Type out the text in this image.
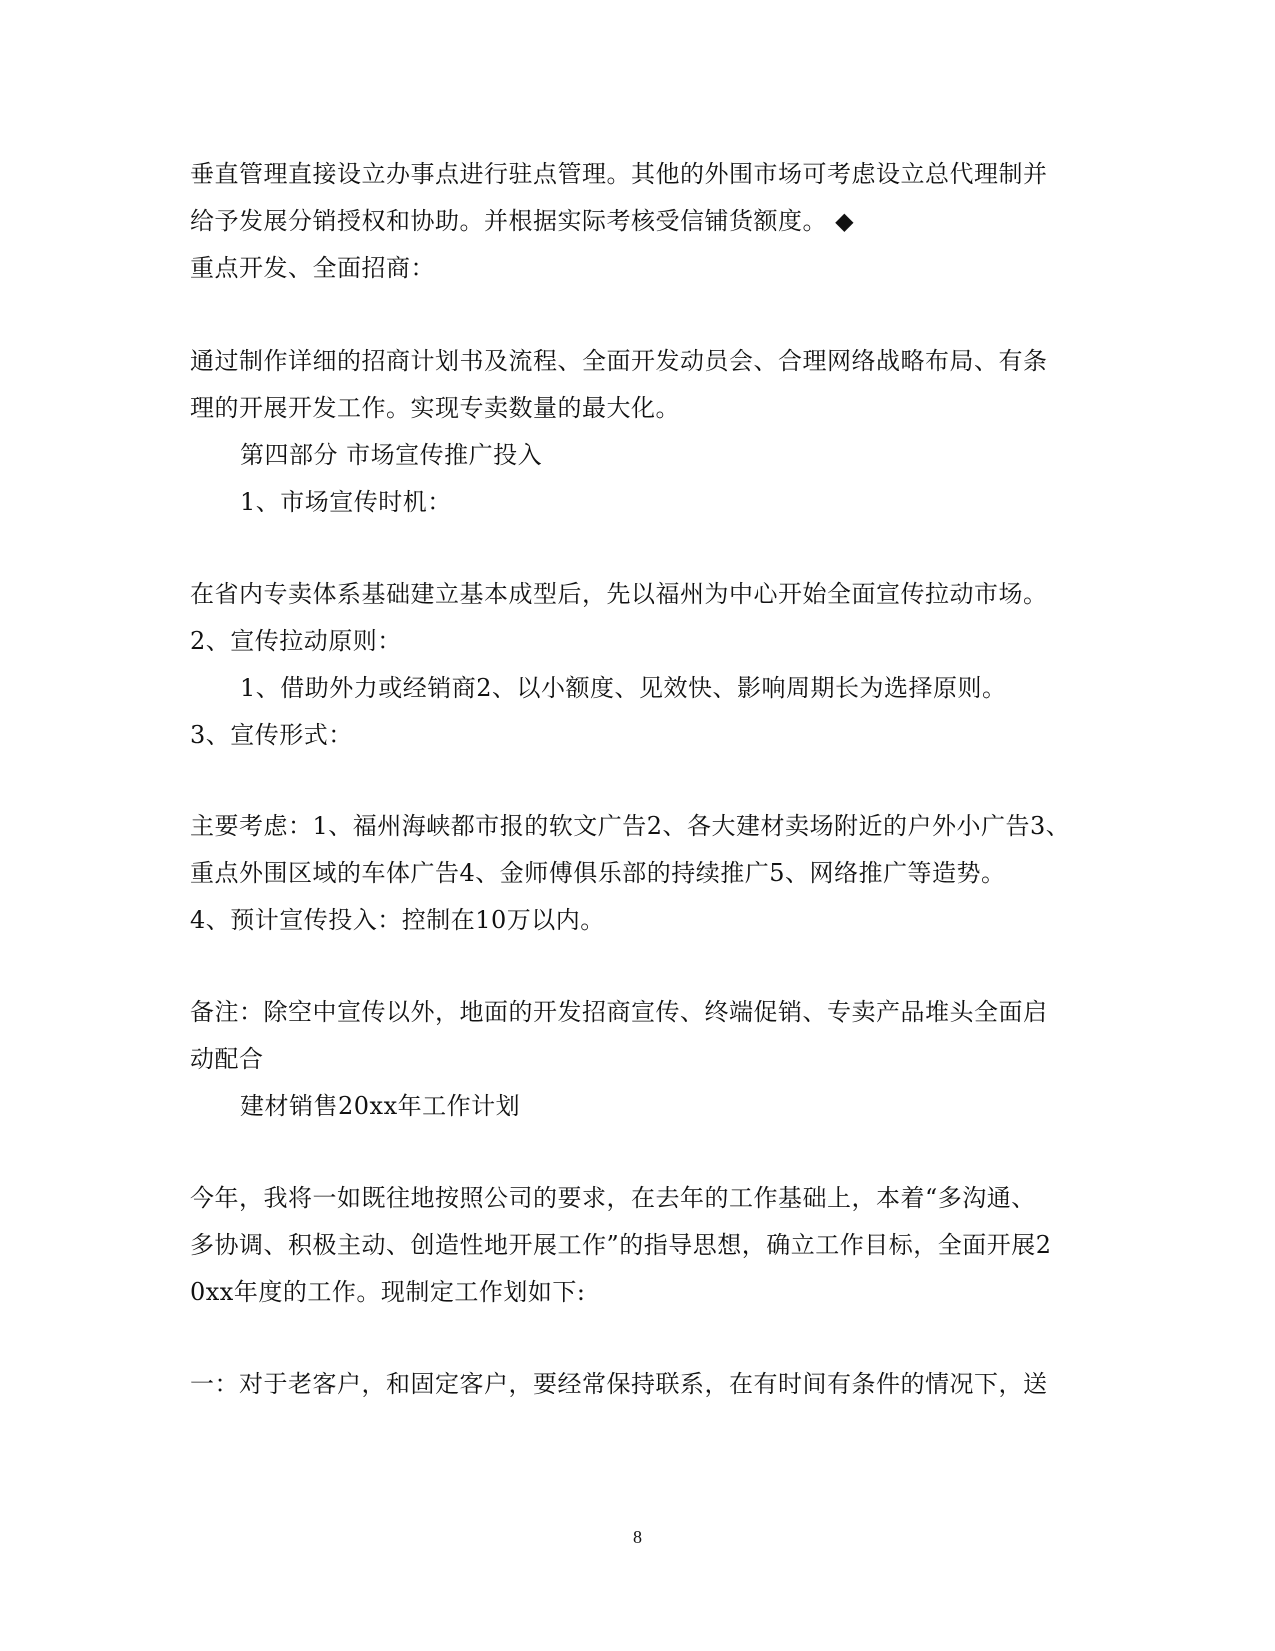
垂直管理直接设立办事点进行驻点管理。其他的外围市场可考虑设立总代理制并
给予发展分销授权和协助。并根据实际考核受信铺货额度。 ◆
重点开发、全面招商：
通过制作详细的招商计划书及流程、全面开发动员会、合理网络战略布局、有条
理的开展开发工作。实现专卖数量的最大化。
第四部分 市场宣传推广投入
1、市场宣传时机：
在省内专卖体系基础建立基本成型后，先以福州为中心开始全面宣传拉动市场。
2、宣传拉动原则：
1、借助外力或经销商2、以小额度、见效快、影响周期长为选择原则。
3、宣传形式：
主要考虑：1、福州海峡都市报的软文广告2、各大建材卖场附近的户外小广告3、
重点外围区域的车体广告4、金师傅俱乐部的持续推广5、网络推广等造势。
4、预计宣传投入：控制在10万以内。
备注：除空中宣传以外，地面的开发招商宣传、终端促销、专卖产品堆头全面启
动配合
建材销售20xx年工作计划
今年，我将一如既往地按照公司的要求，在去年的工作基础上，本着“多沟通、
多协调、积极主动、创造性地开展工作”的指导思想，确立工作目标，全面开展2
0xx年度的工作。现制定工作划如下:
一：对于老客户，和固定客户，要经常保持联系，在有时间有条件的情况下，送
8
